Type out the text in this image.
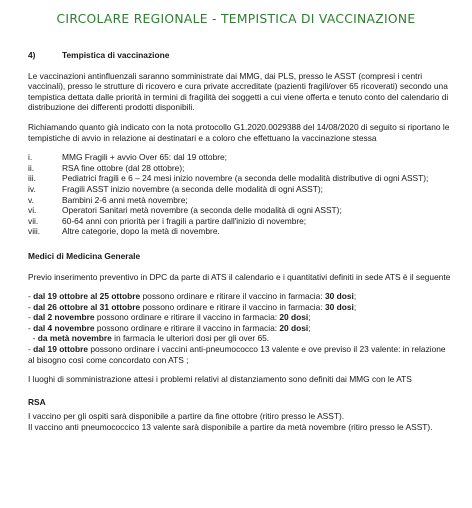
CIRCOLARE REGIONALE - TEMPISTICA DI VACCINAZIONE
4)	Tempistica di vaccinazione

Le vaccinazioni antinfluenzali saranno somministrate dai MMG, dai PLS, presso le ASST (compresi i centri vaccinali), presso le strutture di ricovero e cura private accreditate (pazienti fragili/over 65 ricoverati) secondo una tempistica dettata dalle priorità in termini di fragilità dei soggetti a cui viene offerta e tenuto conto del calendario di distribuzione dei differenti prodotti disponibili.

Richiamando quanto già indicato con la nota protocollo G1.2020.0029388 del 14/08/2020 di seguito si riportano le tempistiche di avvio in relazione ai destinatari e a coloro che effettuano la vaccinazione stessa

i.	MMG Fragili + avvio Over 65: dal 19 ottobre;
ii.	RSA fine ottobre (dal 28 ottobre);
iii.	Pediatrici fragili e 6 – 24 mesi inizio novembre (a seconda delle modalità distributive di ogni ASST);
iv.	Fragili ASST inizio novembre (a seconda delle modalità di ogni ASST);
v.	Bambini 2-6 anni metà novembre;
vi.	Operatori Sanitari metà novembre (a seconda delle modalità di ogni ASST);
vii.	60-64 anni con priorità per i fragili a partire dall'inizio di novembre;
viii.	Altre categorie, dopo la metà di novembre.
Medici di Medicina Generale

Previo inserimento preventivo in DPC da parte di ATS il calendario e i quantitativi definiti in sede ATS è il seguente

- dal 19 ottobre al 25 ottobre possono ordinare e ritirare il vaccino in farmacia: 30 dosi;
- dal 26 ottobre al 31 ottobre possono ordinare e ritirare il vaccino in farmacia: 30 dosi;
- dal 2 novembre possono ordinare e ritirare il vaccino in farmacia: 20 dosi;
- dal 4 novembre possono ordinare e ritirare il vaccino in farmacia: 20 dosi;
- da metà novembre in farmacia le ulteriori dosi per gli over 65.
- dal 19 ottobre possono ordinare i vaccini anti-pneumococco 13 valente e ove previso il 23 valente: in relazione al bisogno così come concordato con ATS ;

I luoghi di somministrazione attesi i problemi relativi al distanziamento sono definiti dai MMG con le ATS

RSA
I vaccino per gli ospiti sarà disponibile a partire da fine ottobre (ritiro presso le ASST).
Il vaccino anti pneumococcico 13 valente sarà disponibile a partire da metà novembre (ritiro presso le ASST).
